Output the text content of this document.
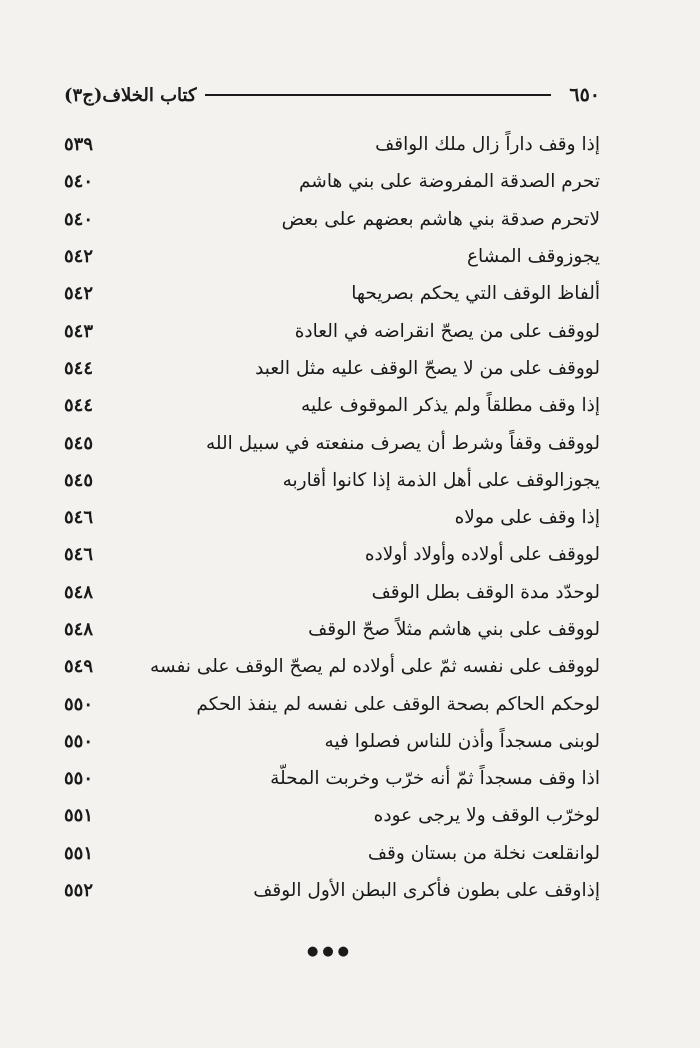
٦٥٠
كتاب الخلاف(ج٣)
إذا وقف داراً زال ملك الواقف
٥٣٩
تحرم الصدقة المفروضة على بني هاشم
٥٤٠
لاتحرم صدقة بني هاشم بعضهم على بعض
٥٤٠
يجوزوقف المشاع
٥٤٢
ألفاظ الوقف التي يحكم بصريحها
٥٤٢
لووقف على من يصحّ انقراضه في العادة
٥٤٣
لووقف على من لا يصحّ الوقف عليه مثل العبد
٥٤٤
إذا وقف مطلقاً ولم يذكر الموقوف عليه
٥٤٤
لووقف وقفاً وشرط أن يصرف منفعته في سبيل الله
٥٤٥
يجوزالوقف على أهل الذمة إذا كانوا أقاربه
٥٤٥
إذا وقف على مولاه
٥٤٦
لووقف على أولاده وأولاد أولاده
٥٤٦
لوحدّد مدة الوقف بطل الوقف
٥٤٨
لووقف على بني هاشم مثلاً صحّ الوقف
٥٤٨
لووقف على نفسه ثمّ على أولاده لم يصحّ الوقف على نفسه
٥٤٩
لوحكم الحاكم بصحة الوقف على نفسه لم ينفذ الحكم
٥٥٠
لوبنى مسجداً وأذن للناس فصلوا فيه
٥٥٠
اذا وقف مسجداً ثمّ أنه خرّب وخربت المحلّة
٥٥٠
لوخرّب الوقف ولا يرجى عوده
٥٥١
لوانقلعت نخلة من بستان وقف
٥٥١
إذاوقف على بطون فأكرى البطن الأول الوقف
٥٥٢
●●●
